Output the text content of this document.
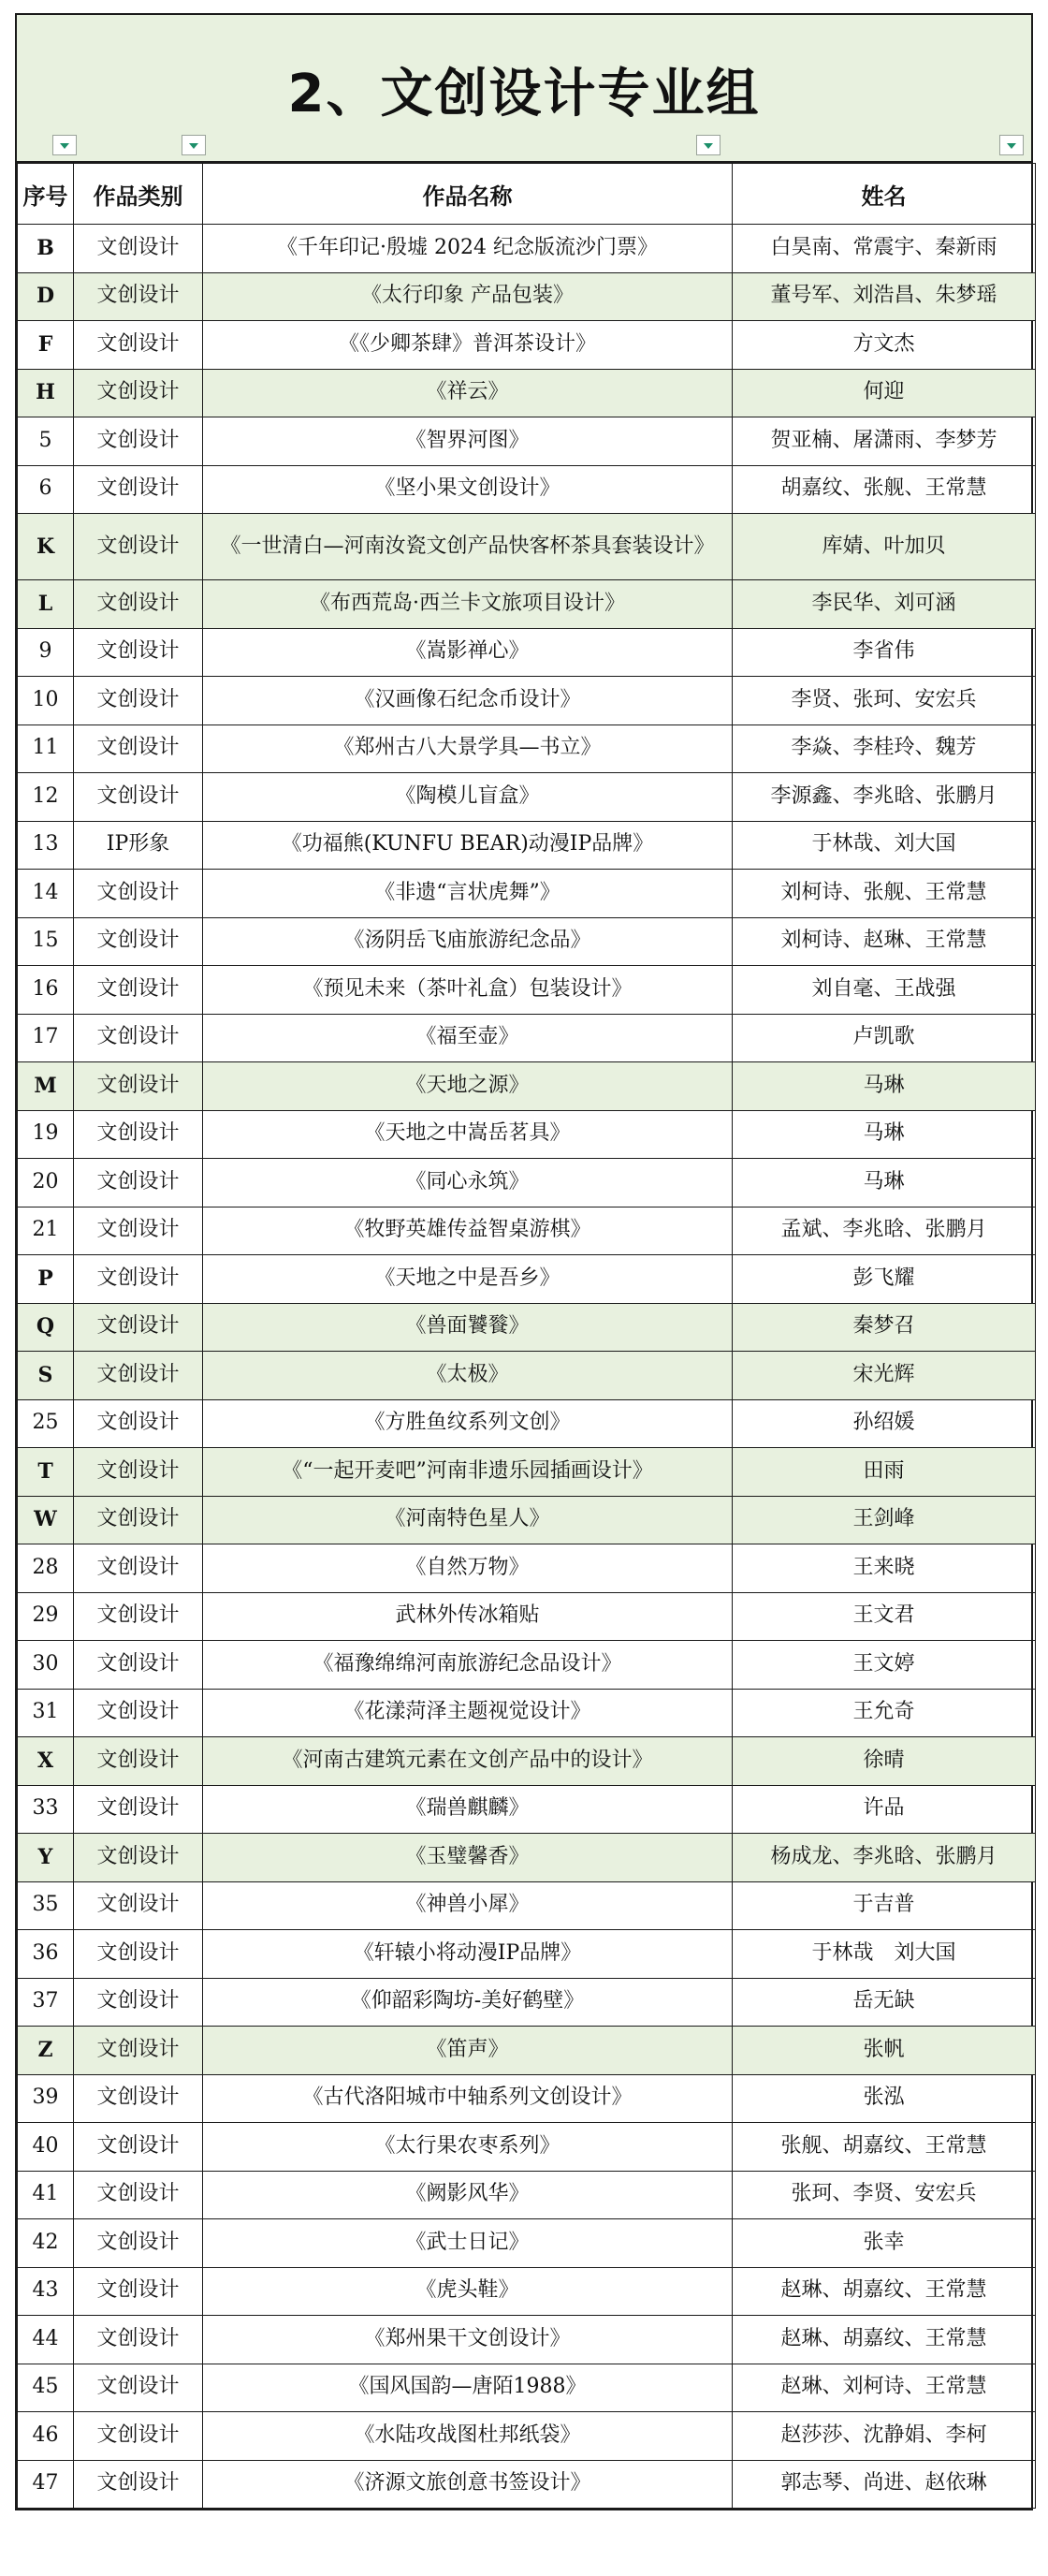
2、文创设计专业组
序号	作品类别	作品名称	姓名
B	文创设计	《千年印记·殷墟 2024 纪念版流沙门票》	白昊南、常震宇、秦新雨
D	文创设计	《太行印象 产品包装》	董号军、刘浩昌、朱梦瑶
F	文创设计	《《少卿茶肆》普洱茶设计》	方文杰
H	文创设计	《祥云》	何迎
5	文创设计	《智界河图》	贺亚楠、屠潇雨、李梦芳
6	文创设计	《坚小果文创设计》	胡嘉纹、张舰、王常慧
K	文创设计	《一世清白—河南汝瓷文创产品快客杯茶具套装设计》	库婧、叶加贝
L	文创设计	《布西荒岛·西兰卡文旅项目设计》	李民华、刘可涵
9	文创设计	《嵩影禅心》	李省伟
10	文创设计	《汉画像石纪念币设计》	李贤、张珂、安宏兵
11	文创设计	《郑州古八大景学具—书立》	李焱、李桂玲、魏芳
12	文创设计	《陶模儿盲盒》	李源鑫、李兆晗、张鹏月
13	IP形象	《功福熊(KUNFU BEAR)动漫IP品牌》	于林哉、刘大国
14	文创设计	《非遗“言状虎舞”》	刘柯诗、张舰、王常慧
15	文创设计	《汤阴岳飞庙旅游纪念品》	刘柯诗、赵琳、王常慧
16	文创设计	《预见未来（茶叶礼盒）包装设计》	刘自毫、王战强
17	文创设计	《福至壶》	卢凯歌
M	文创设计	《天地之源》	马琳
19	文创设计	《天地之中嵩岳茗具》	马琳
20	文创设计	《同心永筑》	马琳
21	文创设计	《牧野英雄传益智桌游棋》	孟斌、李兆晗、张鹏月
P	文创设计	《天地之中是吾乡》	彭飞耀
Q	文创设计	《兽面饕餮》	秦梦召
S	文创设计	《太极》	宋光辉
25	文创设计	《方胜鱼纹系列文创》	孙绍媛
T	文创设计	《“一起开麦吧”河南非遗乐园插画设计》	田雨
W	文创设计	《河南特色星人》	王剑峰
28	文创设计	《自然万物》	王来晓
29	文创设计	武林外传冰箱贴	王文君
30	文创设计	《福豫绵绵河南旅游纪念品设计》	王文婷
31	文创设计	《花漾菏泽主题视觉设计》	王允奇
X	文创设计	《河南古建筑元素在文创产品中的设计》	徐晴
33	文创设计	《瑞兽麒麟》	许品
Y	文创设计	《玉璧馨香》	杨成龙、李兆晗、张鹏月
35	文创设计	《神兽小犀》	于吉普
36	文创设计	《轩辕小将动漫IP品牌》	于林哉　刘大国
37	文创设计	《仰韶彩陶坊-美好鹤壁》	岳无缺
Z	文创设计	《笛声》	张帆
39	文创设计	《古代洛阳城市中轴系列文创设计》	张泓
40	文创设计	《太行果农枣系列》	张舰、胡嘉纹、王常慧
41	文创设计	《阙影风华》	张珂、李贤、安宏兵
42	文创设计	《武士日记》	张幸
43	文创设计	《虎头鞋》	赵琳、胡嘉纹、王常慧
44	文创设计	《郑州果干文创设计》	赵琳、胡嘉纹、王常慧
45	文创设计	《国风国韵—唐陌1988》	赵琳、刘柯诗、王常慧
46	文创设计	《水陆攻战图杜邦纸袋》	赵莎莎、沈静娟、李柯
47	文创设计	《济源文旅创意书签设计》	郭志琴、尚进、赵依琳
